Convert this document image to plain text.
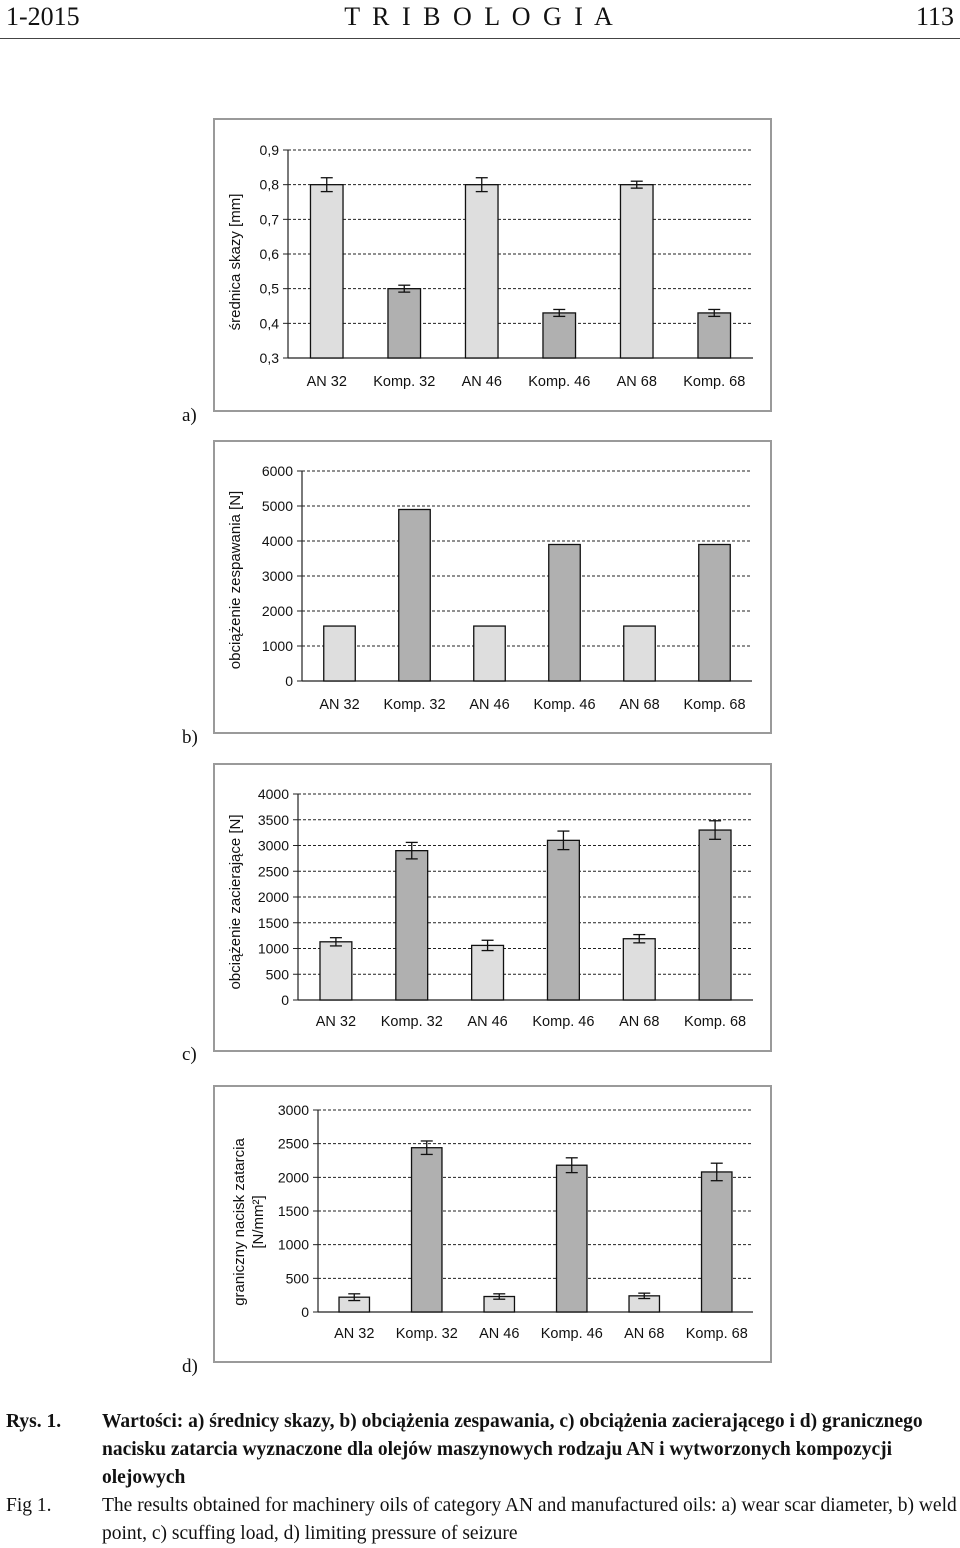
1-2015	T R I B O L O G I A	113
a)
średnica skazy [mm]
0,3
0,4
0,5
0,6
0,7
0,8
0,9
AN 32 Komp. 32 AN 46 Komp. 46 AN 68 Komp. 68
b)
obciążenie zespawania [N]
0
1000
2000
3000
4000
5000
6000
AN 32 Komp. 32 AN 46 Komp. 46 AN 68 Komp. 68
c)
obciążenie zacierające [N]
0
500
1000
1500
2000
2500
3000
3500
4000
AN 32 Komp. 32 AN 46 Komp. 46 AN 68 Komp. 68
d)
graniczny nacisk zatarcia [N/mm²]
0
500
1000
1500
2000
2500
3000
AN 32 Komp. 32 AN 46 Komp. 46 AN 68 Komp. 68
Rys. 1. Wartości: a) średnicy skazy, b) obciążenia zespawania, c) obciążenia zacierającego i d) granicznego nacisku zatarcia wyznaczone dla olejów maszynowych rodzaju AN i wytworzonych kompozycji olejowych
Fig 1.	The results obtained for machinery oils of category AN and manufactured oils: a) wear scar diameter, b) weld point, c) scuffing load, d) limiting pressure of seizure
